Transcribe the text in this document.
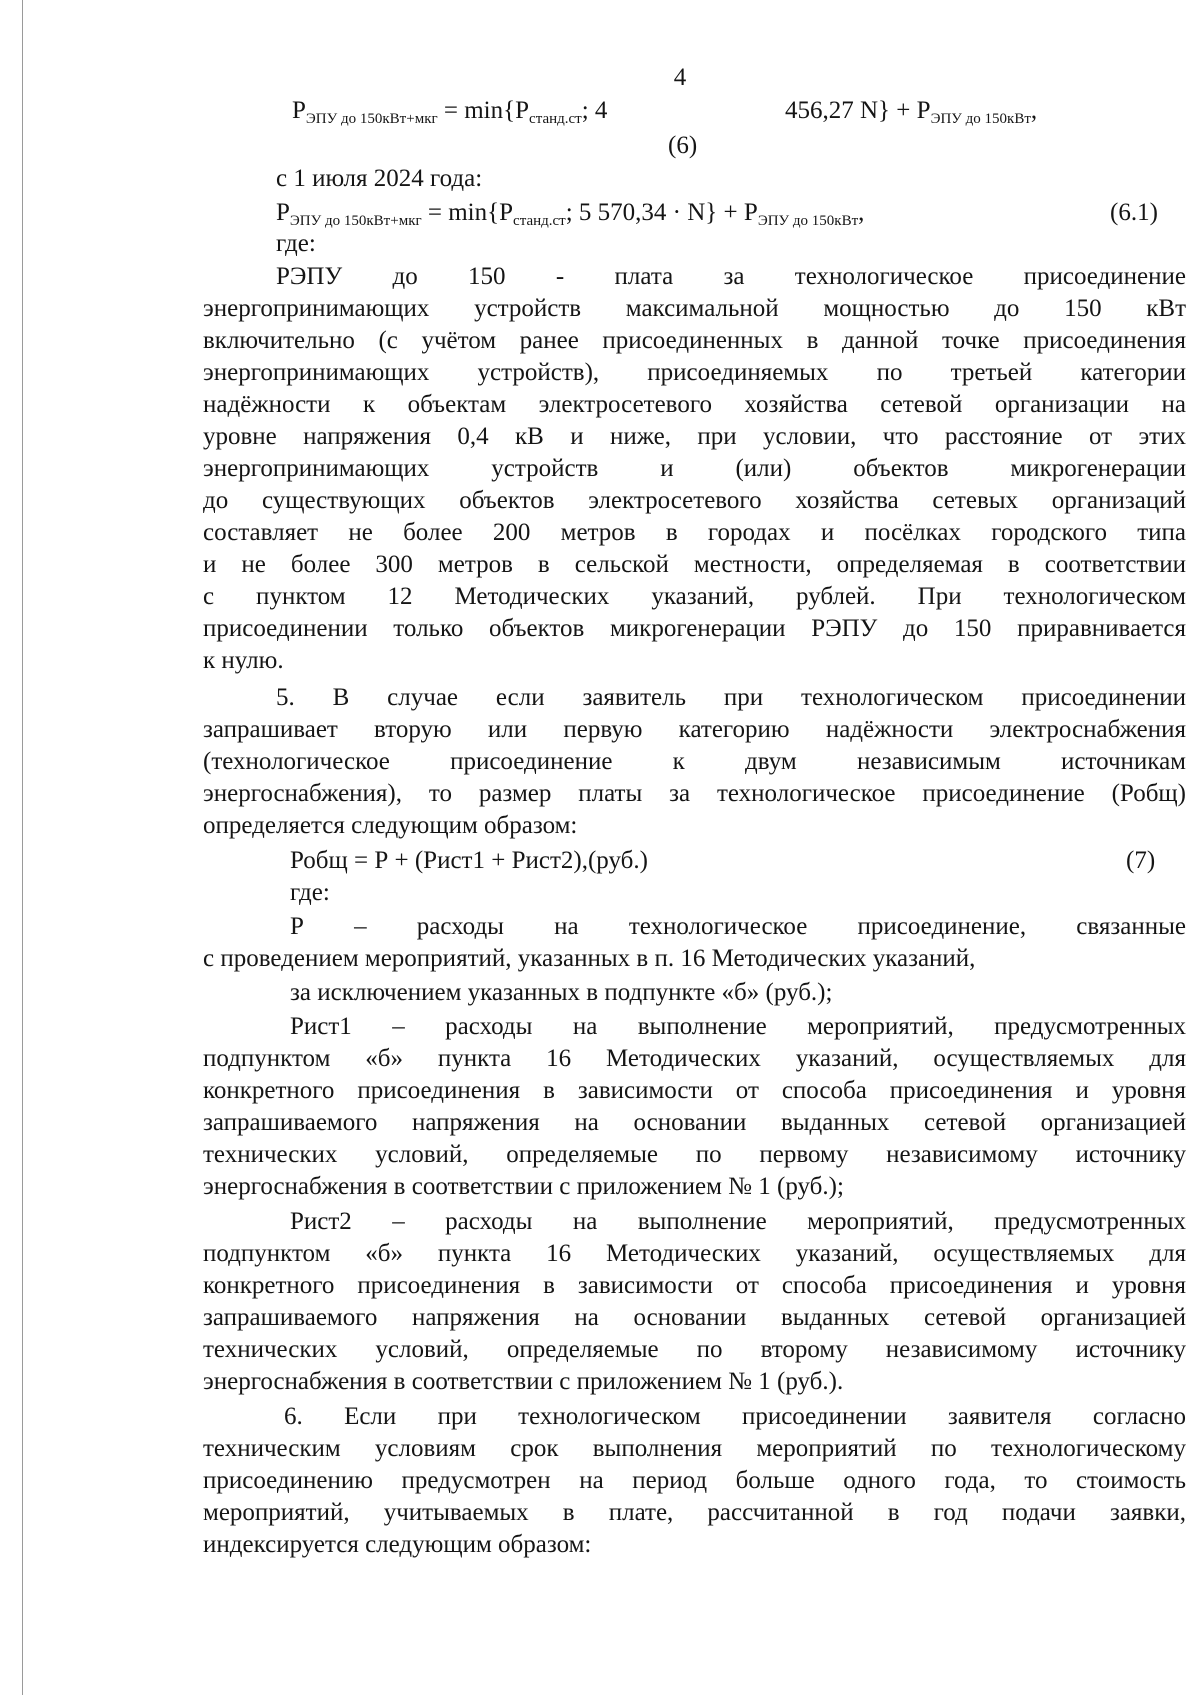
4
$Р_{ЭПУ до 150кВт+мкг} = \min\{Р_{станд.ст}$; 4	456,27 $N\} + Р_{ЭПУ до 150кВт}$,
(6)
с 1 июля 2024 года:
$Р_{ЭПУ до 150кВт+мкг} = \min\{Р_{станд.ст}$; 5 $570,34 \cdot N\} + Р_{ЭПУ до 150кВт}$,	(6.1)
где:
РЭПУ до 150 - плата за технологическое присоединение
энергопринимающих устройств максимальной мощностью до 150 кВт
включительно (с учётом ранее присоединенных в данной точке присоединения
энергопринимающих устройств), присоединяемых по третьей категории
надёжности к объектам электросетевого хозяйства сетевой организации на
уровне напряжения 0,4 кВ и ниже, при условии, что расстояние от этих
энергопринимающих устройств и (или) объектов микрогенерации
до существующих объектов электросетевого хозяйства сетевых организаций
составляет не более 200 метров в городах и посёлках городского типа
и не более 300 метров в сельской местности, определяемая в соответствии
с пунктом 12 Методических указаний, рублей. При технологическом
присоединении только объектов микрогенерации РЭПУ до 150 приравнивается
к нулю.
5. В случае если заявитель при технологическом присоединении
запрашивает вторую или первую категорию надёжности электроснабжения
(технологическое присоединение к двум независимым источникам
энергоснабжения), то размер платы за технологическое присоединение (Робщ)
определяется следующим образом:
Робщ = Р + (Рист1 + Рист2),(руб.)	(7)
где:
Р – расходы на технологическое присоединение, связанные
с проведением мероприятий, указанных в п. 16 Методических указаний,
за исключением указанных в подпункте «б» (руб.);
Рист1 – расходы на выполнение мероприятий, предусмотренных
подпунктом «б» пункта 16 Методических указаний, осуществляемых для
конкретного присоединения в зависимости от способа присоединения и уровня
запрашиваемого напряжения на основании выданных сетевой организацией
технических условий, определяемые по первому независимому источнику
энергоснабжения в соответствии с приложением № 1 (руб.);
Рист2 – расходы на выполнение мероприятий, предусмотренных
подпунктом «б» пункта 16 Методических указаний, осуществляемых для
конкретного присоединения в зависимости от способа присоединения и уровня
запрашиваемого напряжения на основании выданных сетевой организацией
технических условий, определяемые по второму независимому источнику
энергоснабжения в соответствии с приложением № 1 (руб.).
6. Если при технологическом присоединении заявителя согласно
техническим условиям срок выполнения мероприятий по технологическому
присоединению предусмотрен на период больше одного года, то стоимость
мероприятий, учитываемых в плате, рассчитанной в год подачи заявки,
индексируется следующим образом:
